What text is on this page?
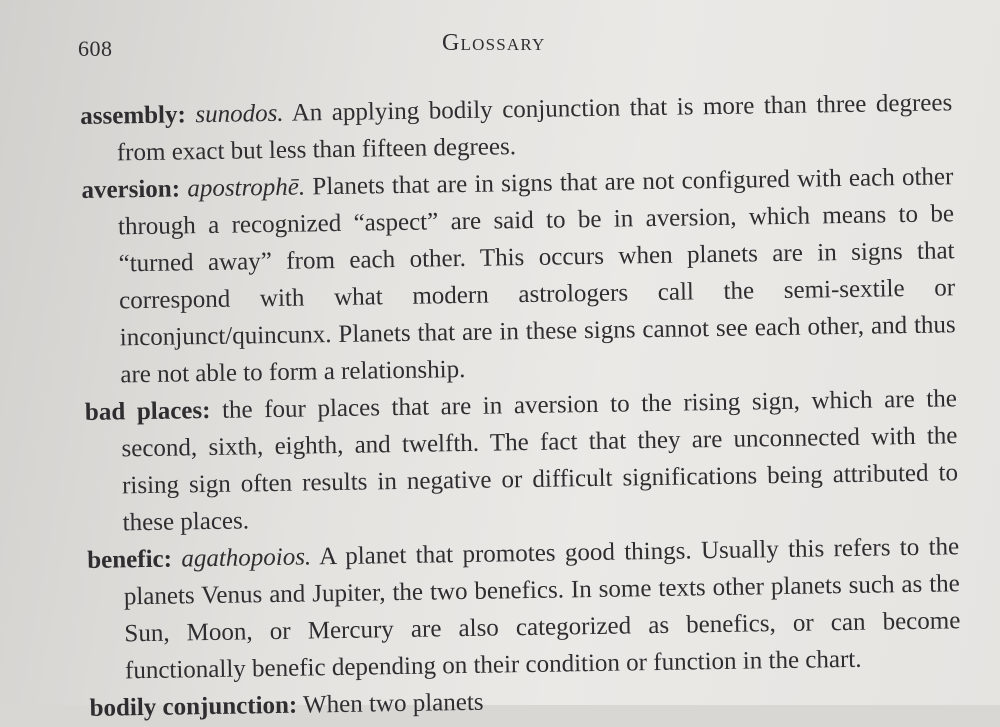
608	Glossary

assembly: sunodos. An applying bodily conjunction that is more than three degrees from exact but less than fifteen degrees.

aversion: apostrophē. Planets that are in signs that are not configured with each other through a recognized “aspect” are said to be in aversion, which means to be “turned away” from each other. This occurs when planets are in signs that correspond with what modern astrologers call the semi-sextile or inconjunct/quincunx. Planets that are in these signs cannot see each other, and thus are not able to form a relationship.

bad places: the four places that are in aversion to the rising sign, which are the second, sixth, eighth, and twelfth. The fact that they are unconnected with the rising sign often results in negative or difficult significations being attributed to these places.

benefic: agathopoios. A planet that promotes good things. Usually this refers to the planets Venus and Jupiter, the two benefics. In some texts other planets such as the Sun, Moon, or Mercury are also categorized as benefics, or can become functionally benefic depending on their condition or function in the chart.

bodily conjunction: When two planets
